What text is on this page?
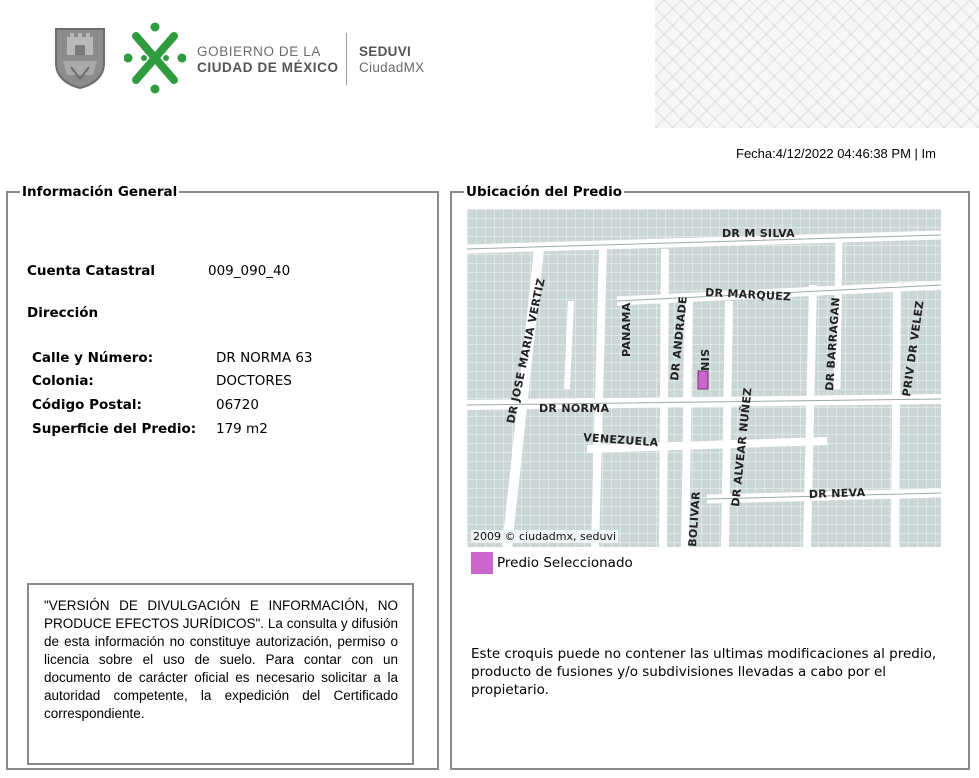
GOBIERNO DE LA
CIUDAD DE MÉXICO
SEDUVI
CiudadMX
Fecha:4/12/2022 04:46:38 PM | Im
Información General
Cuenta Catastral	009_090_40
Dirección
Calle y Número:	DR NORMA 63
Colonia:	DOCTORES
Código Postal:	06720
Superficie del Predio: 179 m2
"VERSIÓN DE DIVULGACIÓN E INFORMACIÓN, NO PRODUCE EFECTOS JURÍDICOS". La consulta y difusión de esta información no constituye autorización, permiso o licencia sobre el uso de suelo. Para contar con un documento de carácter oficial es necesario solicitar a la autoridad competente, la expedición del Certificado correspondiente.
Ubicación del Predio
DR M SILVA
DR MARQUEZ
DR JOSE MARIA VERTIZ	PANAMA	DR ANDRADE SIN	DR BARRAGAN	PRIV DR VELEZ
DR NORMA
VENEZUELA	DR ALVEAR NUÑEZ
BOLIVAR	DR NEVA
2009 © ciudadmx, seduvi
Predio Seleccionado
Este croquis puede no contener las ultimas modificaciones al predio, producto de fusiones y/o subdivisiones llevadas a cabo por el propietario.
